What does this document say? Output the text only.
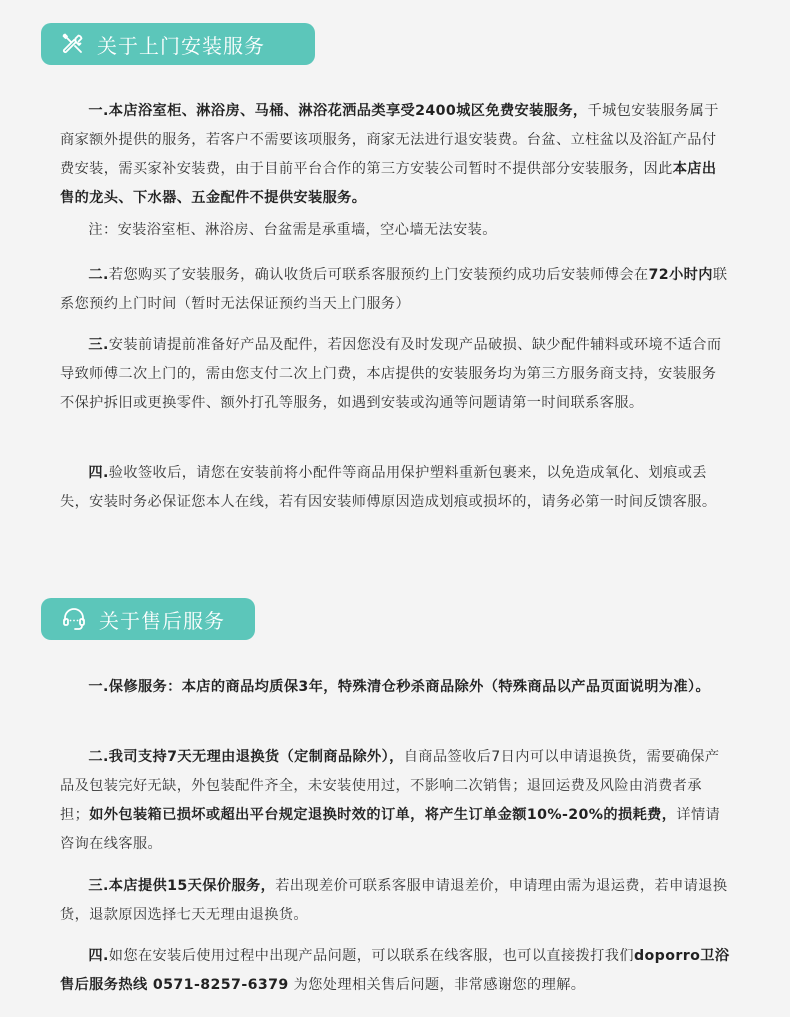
关于上门安装服务

一.本店浴室柜、淋浴房、马桶、淋浴花洒品类享受2400城区免费安装服务，千城包安装服务属于商家额外提供的服务，若客户不需要该项服务，商家无法进行退安装费。台盆、立柱盆以及浴缸产品付费安装，需买家补安装费，由于目前平台合作的第三方安装公司暂时不提供部分安装服务，因此本店出售的龙头、下水器、五金配件不提供安装服务。

注：安装浴室柜、淋浴房、台盆需是承重墙，空心墙无法安装。

二.若您购买了安装服务，确认收货后可联系客服预约上门安装预约成功后安装师傅会在72小时内联系您预约上门时间（暂时无法保证预约当天上门服务）

三.安装前请提前准备好产品及配件，若因您没有及时发现产品破损、缺少配件辅料或环境不适合而导致师傅二次上门的，需由您支付二次上门费，本店提供的安装服务均为第三方服务商支持，安装服务不保护拆旧或更换零件、额外打孔等服务，如遇到安装或沟通等问题请第一时间联系客服。

四.验收签收后，请您在安装前将小配件等商品用保护塑料重新包裹来，以免造成氧化、划痕或丢失，安装时务必保证您本人在线，若有因安装师傅原因造成划痕或损坏的，请务必第一时间反馈客服。

关于售后服务

一.保修服务：本店的商品均质保3年，特殊清仓秒杀商品除外（特殊商品以产品页面说明为准）。

二.我司支持7天无理由退换货（定制商品除外），自商品签收后7日内可以申请退换货，需要确保产品及包装完好无缺，外包装配件齐全，未安装使用过，不影响二次销售；退回运费及风险由消费者承担；如外包装箱已损坏或超出平台规定退换时效的订单，将产生订单金额10%-20%的损耗费，详情请咨询在线客服。

三.本店提供15天保价服务，若出现差价可联系客服申请退差价，申请理由需为退运费，若申请退换货，退款原因选择七天无理由退换货。

四.如您在安装后使用过程中出现产品问题，可以联系在线客服，也可以直接拨打我们doporro卫浴售后服务热线 0571-8257-6379 为您处理相关售后问题，非常感谢您的理解。
